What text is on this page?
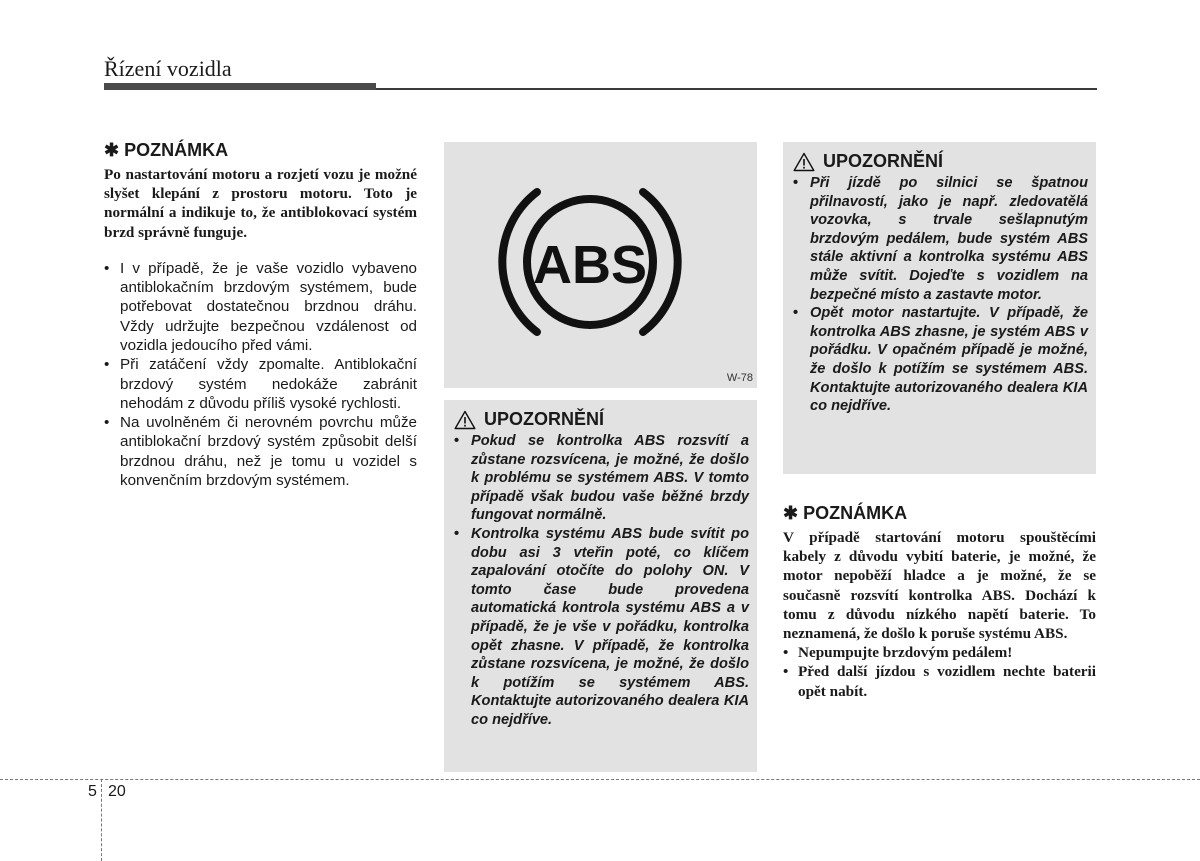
Řízení vozidla
✱ POZNÁMKA

Po nastartování motoru a rozjetí vozu je možné slyšet klepání z prostoru motoru. Toto je normální a indikuje to, že antiblokovací systém brzd správně funguje.

• I v případě, že je vaše vozidlo vybaveno antiblokačním brzdovým systémem, bude potřebovat dostatečnou brzdnou dráhu. Vždy udržujte bezpečnou vzdálenost od vozidla jedoucího před vámi.
• Při zatáčení vždy zpomalte. Antiblokační brzdový systém nedokáže zabránit nehodám z důvodu příliš vysoké rychlosti.
• Na uvolněném či nerovném povrchu může antiblokační brzdový systém způsobit delší brzdnou dráhu, než je tomu u vozidel s konvenčním brzdovým systémem.
ABS
W-78
UPOZORNĚNÍ
• Pokud se kontrolka ABS rozsvítí a zůstane rozsvícena, je možné, že došlo k problému se systémem ABS. V tomto případě však budou vaše běžné brzdy fungovat normálně.
• Kontrolka systému ABS bude svítit po dobu asi 3 vteřin poté, co klíčem zapalování otočíte do polohy ON. V tomto čase bude provedena automatická kontrola systému ABS a v případě, že je vše v pořádku, kontrolka opět zhasne. V případě, že kontrolka zůstane rozsvícena, je možné, že došlo k potížím se systémem ABS. Kontaktujte autorizovaného dealera KIA co nejdříve.
UPOZORNĚNÍ
• Při jízdě po silnici se špatnou přilnavostí, jako je např. zledovatělá vozovka, s trvale sešlapnutým brzdovým pedálem, bude systém ABS stále aktivní a kontrolka systému ABS může svítit. Dojeďte s vozidlem na bezpečné místo a zastavte motor.
• Opět motor nastartujte. V případě, že kontrolka ABS zhasne, je systém ABS v pořádku. V opačném případě je možné, že došlo k potížím se systémem ABS. Kontaktujte autorizovaného dealera KIA co nejdříve.
✱ POZNÁMKA

V případě startování motoru spouštěcími kabely z důvodu vybití baterie, je možné, že motor nepoběží hladce a je možné, že se současně rozsvítí kontrolka ABS. Dochází k tomu z důvodu nízkého napětí baterie. To neznamená, že došlo k poruše systému ABS.

• Nepumpujte brzdovým pedálem!
• Před další jízdou s vozidlem nechte baterii opět nabít.
5 20
